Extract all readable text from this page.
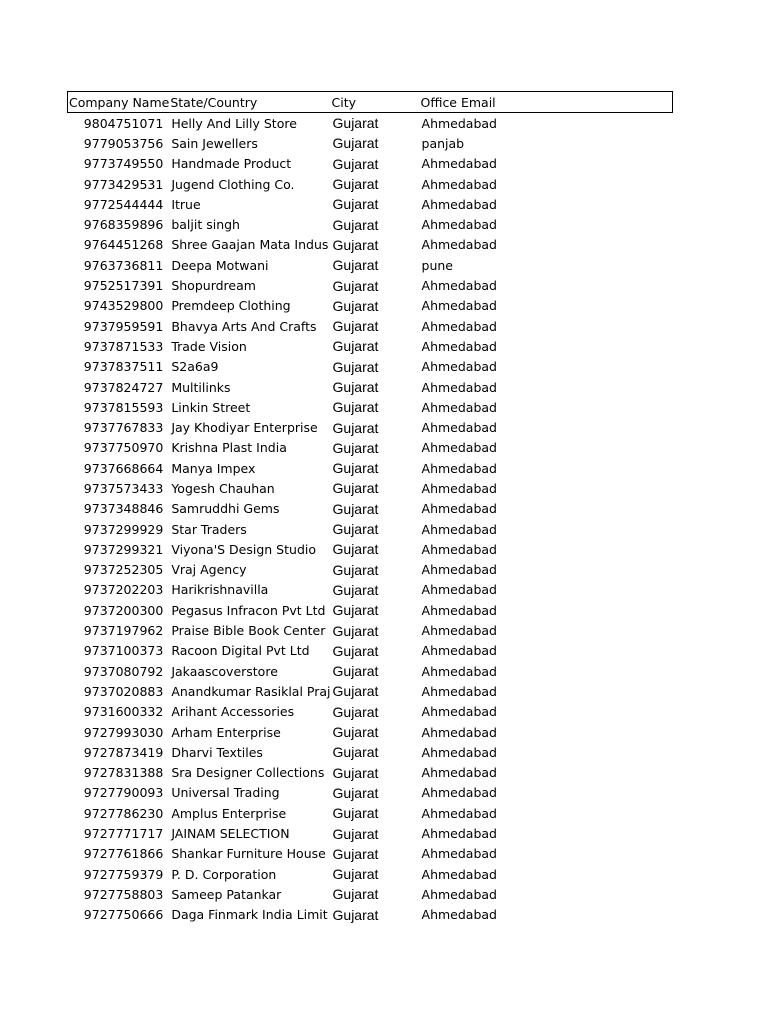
Company Name	State/Country	City	Office Email
9804751071	Helly And Lilly Store	Gujarat	Ahmedabad
9779053756	Sain Jewellers	Gujarat	panjab
9773749550	Handmade Product	Gujarat	Ahmedabad
9773429531	Jugend Clothing Co.	Gujarat	Ahmedabad
9772544444	Itrue	Gujarat	Ahmedabad
9768359896	baljit singh	Gujarat	Ahmedabad
9764451268	Shree Gaajan Mata Indus	Gujarat	Ahmedabad
9763736811	Deepa Motwani	Gujarat	pune
9752517391	Shopurdream	Gujarat	Ahmedabad
9743529800	Premdeep Clothing	Gujarat	Ahmedabad
9737959591	Bhavya Arts And Crafts	Gujarat	Ahmedabad
9737871533	Trade Vision	Gujarat	Ahmedabad
9737837511	S2a6a9	Gujarat	Ahmedabad
9737824727	Multilinks	Gujarat	Ahmedabad
9737815593	Linkin Street	Gujarat	Ahmedabad
9737767833	Jay Khodiyar Enterprise	Gujarat	Ahmedabad
9737750970	Krishna Plast India	Gujarat	Ahmedabad
9737668664	Manya Impex	Gujarat	Ahmedabad
9737573433	Yogesh Chauhan	Gujarat	Ahmedabad
9737348846	Samruddhi Gems	Gujarat	Ahmedabad
9737299929	Star Traders	Gujarat	Ahmedabad
9737299321	Viyona'S Design Studio	Gujarat	Ahmedabad
9737252305	Vraj Agency	Gujarat	Ahmedabad
9737202203	Harikrishnavilla	Gujarat	Ahmedabad
9737200300	Pegasus Infracon Pvt Ltd	Gujarat	Ahmedabad
9737197962	Praise Bible Book Center	Gujarat	Ahmedabad
9737100373	Racoon Digital Pvt Ltd	Gujarat	Ahmedabad
9737080792	Jakaascoverstore	Gujarat	Ahmedabad
9737020883	Anandkumar Rasiklal Praj	Gujarat	Ahmedabad
9731600332	Arihant Accessories	Gujarat	Ahmedabad
9727993030	Arham Enterprise	Gujarat	Ahmedabad
9727873419	Dharvi Textiles	Gujarat	Ahmedabad
9727831388	Sra Designer Collections	Gujarat	Ahmedabad
9727790093	Universal Trading	Gujarat	Ahmedabad
9727786230	Amplus Enterprise	Gujarat	Ahmedabad
9727771717	JAINAM SELECTION	Gujarat	Ahmedabad
9727761866	Shankar Furniture House	Gujarat	Ahmedabad
9727759379	P. D. Corporation	Gujarat	Ahmedabad
9727758803	Sameep Patankar	Gujarat	Ahmedabad
9727750666	Daga Finmark India Limit	Gujarat	Ahmedabad
